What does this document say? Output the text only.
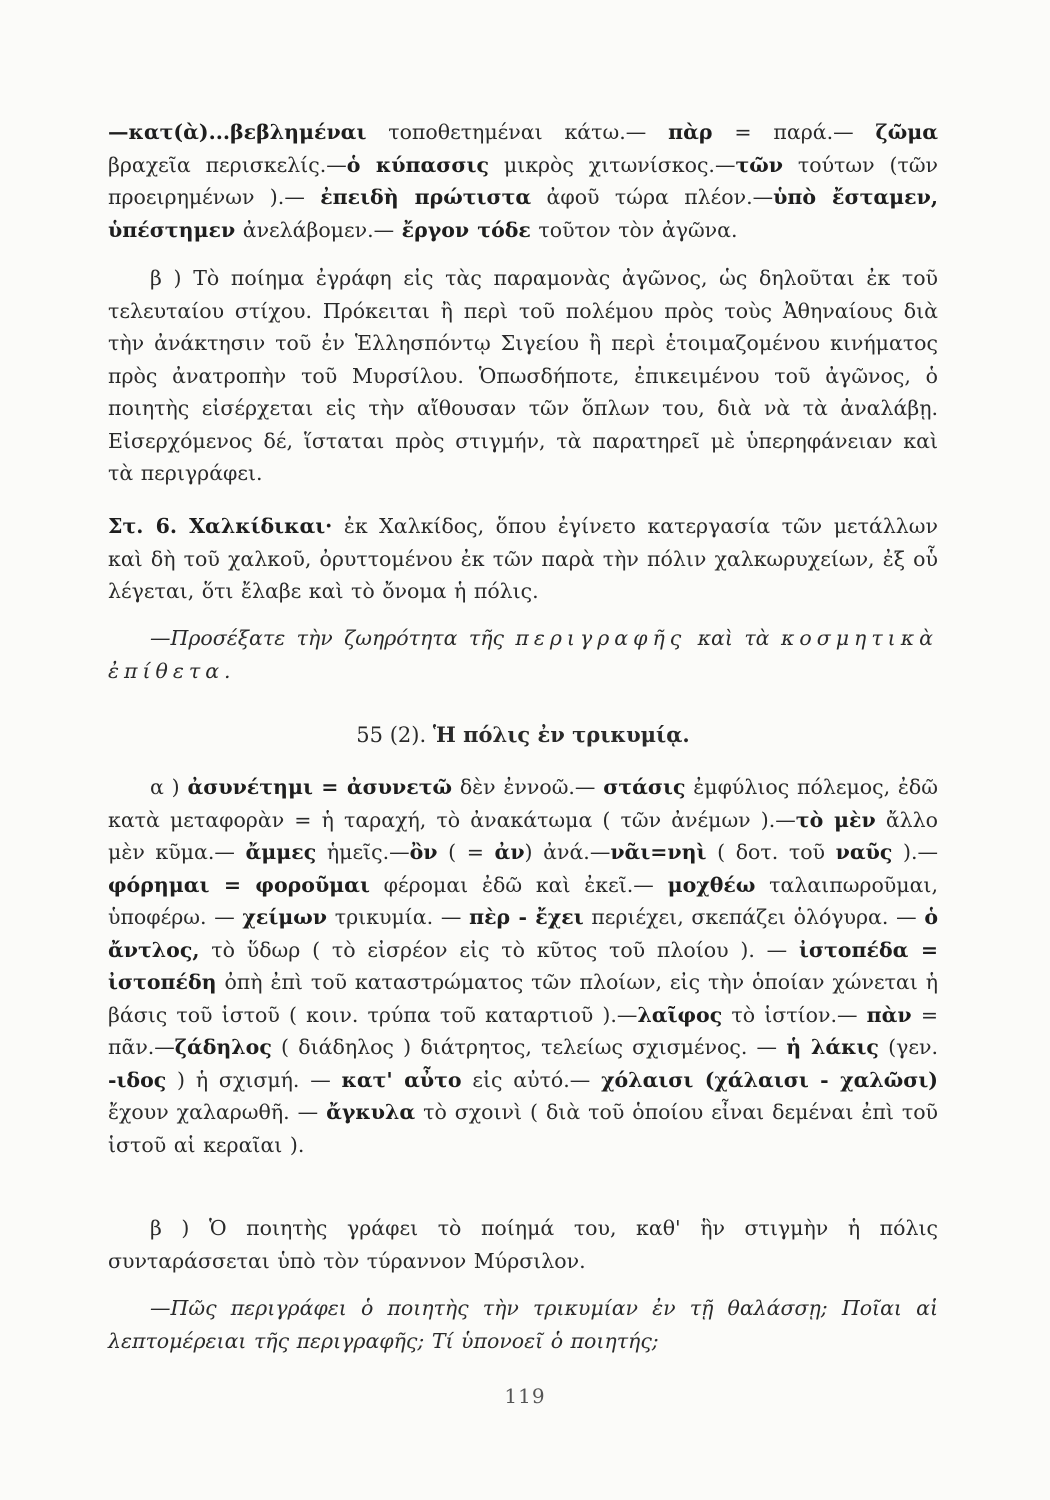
—κατ(ὰ)...βεβλημέναι τοποθετημέναι κάτω.— πὰρ = παρά.— ζῶμα βραχεῖα περισκελίς.—ὁ κύπασσις μικρὸς χιτωνίσκος.—τῶν τούτων (τῶν προειρημένων ).— ἐπειδὴ πρώτιστα ἀφοῦ τώρα πλέον.—ὑπὸ ἔσταμεν, ὑπέστημεν ἀνελάβομεν.— ἔργον τόδε τοῦτον τὸν ἀγῶνα.

β ) Τὸ ποίημα ἐγράφη εἰς τὰς παραμονὰς ἀγῶνος, ὡς δηλοῦται ἐκ τοῦ τελευταίου στίχου. Πρόκειται ἢ περὶ τοῦ πολέμου πρὸς τοὺς Ἀθηναίους διὰ τὴν ἀνάκτησιν τοῦ ἐν Ἑλλησπόντῳ Σιγείου ἢ περὶ ἑτοιμαζομένου κινήματος πρὸς ἀνατροπὴν τοῦ Μυρσίλου. Ὁπωσδήποτε, ἐπικειμένου τοῦ ἀγῶνος, ὁ ποιητὴς εἰσέρχεται εἰς τὴν αἴθουσαν τῶν ὅπλων του, διὰ νὰ τὰ ἀναλάβῃ. Εἰσερχόμενος δέ, ἵσταται πρὸς στιγμήν, τὰ παρατηρεῖ μὲ ὑπερηφάνειαν καὶ τὰ περιγράφει.

Στ. 6. Χαλκίδικαι· ἐκ Χαλκίδος, ὅπου ἐγίνετο κατεργασία τῶν μετάλλων καὶ δὴ τοῦ χαλκοῦ, ὀρυττομένου ἐκ τῶν παρὰ τὴν πόλιν χαλκωρυχείων, ἐξ οὗ λέγεται, ὅτι ἔλαβε καὶ τὸ ὄνομα ἡ πόλις.

—Προσέξατε τὴν ζωηρότητα τῆς περιγραφῆς καὶ τὰ κοσμητικὰ ἐπίθετα.

55 (2). Ἡ πόλις ἐν τρικυμίᾳ.

α ) ἀσυνέτημι = ἀσυνετῶ δὲν ἐννοῶ.— στάσις ἐμφύλιος πόλεμος, ἐδῶ κατὰ μεταφορὰν = ἡ ταραχή, τὸ ἀνακάτωμα ( τῶν ἀνέμων ).—τὸ μὲν ἄλλο μὲν κῦμα.— ἄμμες ἡμεῖς.—ὂν ( = ἀν) ἀνά.—νᾶι=νηὶ ( δοτ. τοῦ ναῦς ).— φόρημαι = φοροῦμαι φέρομαι ἐδῶ καὶ ἐκεῖ.— μοχθέω ταλαιπωροῦμαι, ὑποφέρω. — χείμων τρικυμία. — πὲρ - ἔχει περιέχει, σκεπάζει ὁλόγυρα. — ὁ ἄντλος, τὸ ὕδωρ ( τὸ εἰσρέον εἰς τὸ κῦτος τοῦ πλοίου ). — ἰστοπέδα = ἰστοπέδη ὀπὴ ἐπὶ τοῦ καταστρώματος τῶν πλοίων, εἰς τὴν ὁποίαν χώνεται ἡ βάσις τοῦ ἱστοῦ ( κοιν. τρύπα τοῦ καταρτιοῦ ).—λαῖφος τὸ ἱστίον.— πὰν = πᾶν.—ζάδηλος ( διάδηλος ) διάτρητος, τελείως σχισμένος. — ἡ λάκις (γεν. -ιδος ) ἡ σχισμή. — κατ' αὖτο εἰς αὐτό.— χόλαισι (χάλαισι - χαλῶσι) ἔχουν χαλαρωθῆ. — ἄγκυλα τὸ σχοινὶ ( διὰ τοῦ ὁποίου εἶναι δεμέναι ἐπὶ τοῦ ἱστοῦ αἱ κεραῖαι ).

β ) Ὁ ποιητὴς γράφει τὸ ποίημά του, καθ' ἣν στιγμὴν ἡ πόλις συνταράσσεται ὑπὸ τὸν τύραννον Μύρσιλον.

—Πῶς περιγράφει ὁ ποιητὴς τὴν τρικυμίαν ἐν τῇ θαλάσσῃ; Ποῖαι αἱ λεπτομέρειαι τῆς περιγραφῆς; Τί ὑπονοεῖ ὁ ποιητής;

119
